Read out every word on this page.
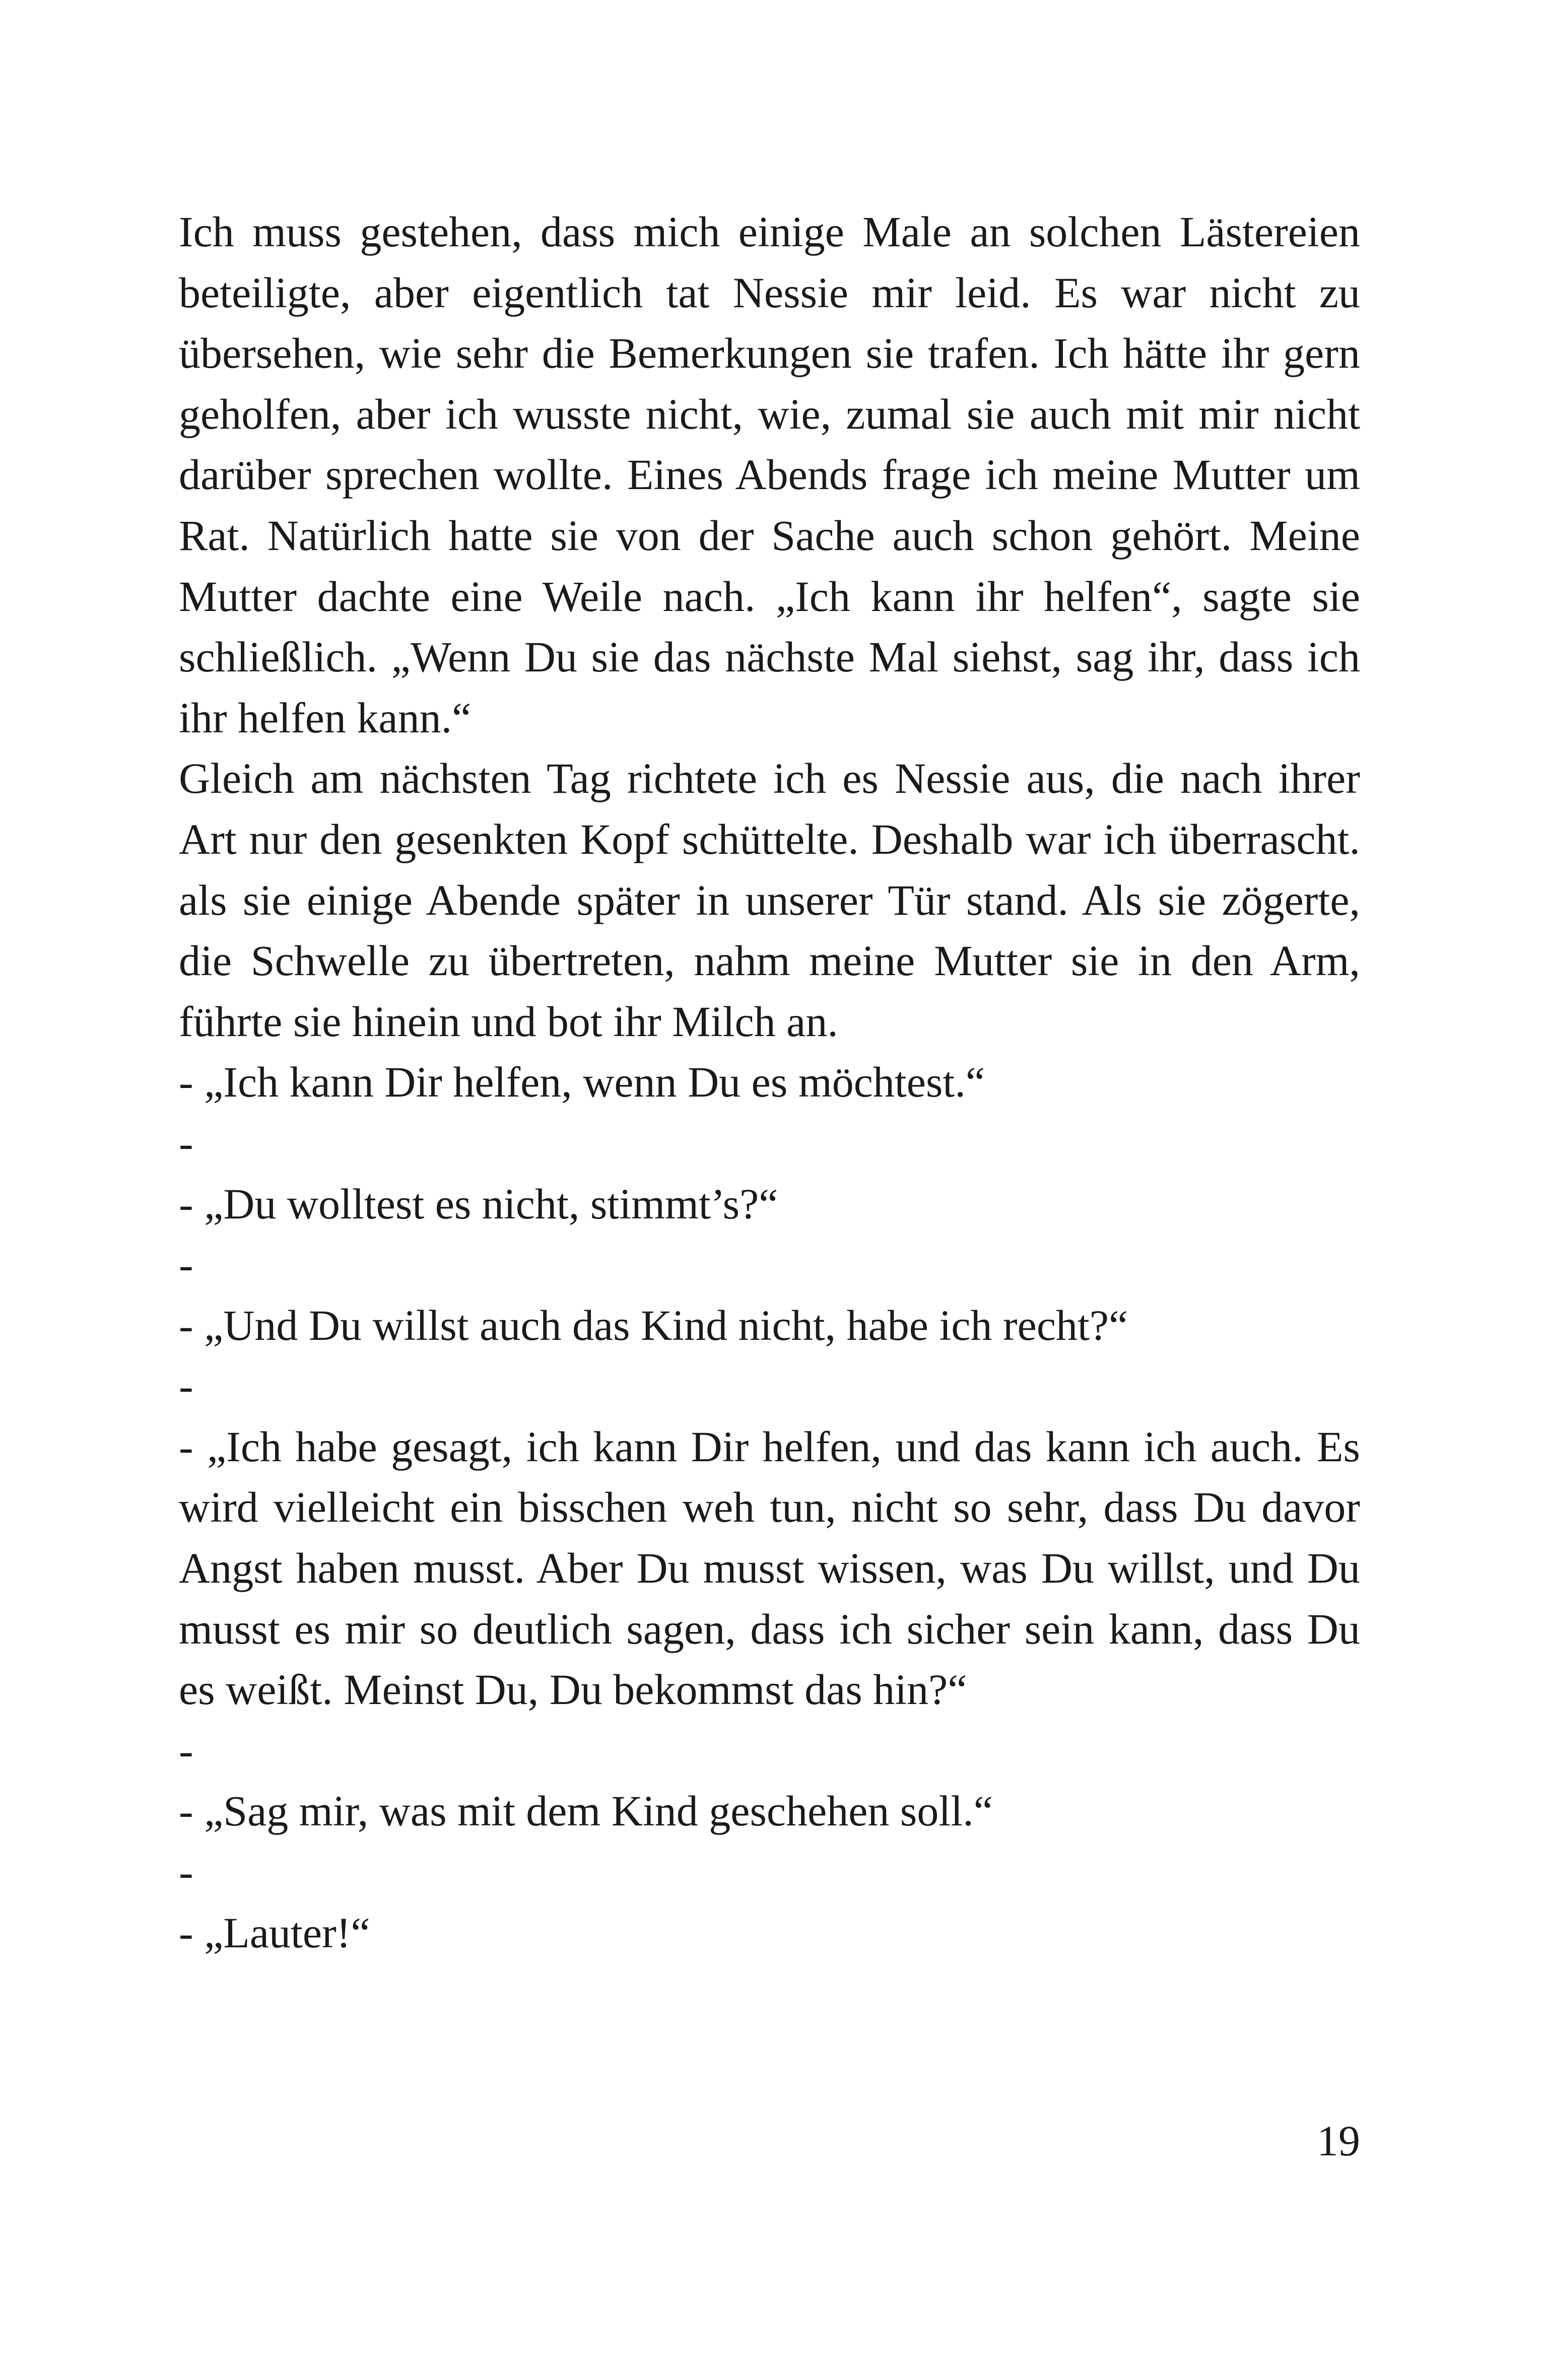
Ich muss gestehen, dass mich einige Male an solchen Lästereien beteiligte, aber eigentlich tat Nessie mir leid. Es war nicht zu übersehen, wie sehr die Bemerkungen sie trafen. Ich hätte ihr gern geholfen, aber ich wusste nicht, wie, zumal sie auch mit mir nicht darüber sprechen wollte. Eines Abends frage ich meine Mutter um Rat. Natürlich hatte sie von der Sache auch schon gehört. Meine Mutter dachte eine Weile nach. „Ich kann ihr helfen“, sagte sie schließlich. „Wenn Du sie das nächste Mal siehst, sag ihr, dass ich ihr helfen kann.“

Gleich am nächsten Tag richtete ich es Nessie aus, die nach ihrer Art nur den gesenkten Kopf schüttelte. Deshalb war ich überrascht. als sie einige Abende später in unserer Tür stand. Als sie zögerte, die Schwelle zu übertreten, nahm meine Mutter sie in den Arm, führte sie hinein und bot ihr Milch an.

- „Ich kann Dir helfen, wenn Du es möchtest.“

-

- „Du wolltest es nicht, stimmt’s?“

-

- „Und Du willst auch das Kind nicht, habe ich recht?“

-

- „Ich habe gesagt, ich kann Dir helfen, und das kann ich auch. Es wird vielleicht ein bisschen weh tun, nicht so sehr, dass Du davor Angst haben musst. Aber Du musst wissen, was Du willst, und Du musst es mir so deutlich sagen, dass ich sicher sein kann, dass Du es weißt. Meinst Du, Du bekommst das hin?“

-

- „Sag mir, was mit dem Kind geschehen soll.“

-

- „Lauter!“

19
